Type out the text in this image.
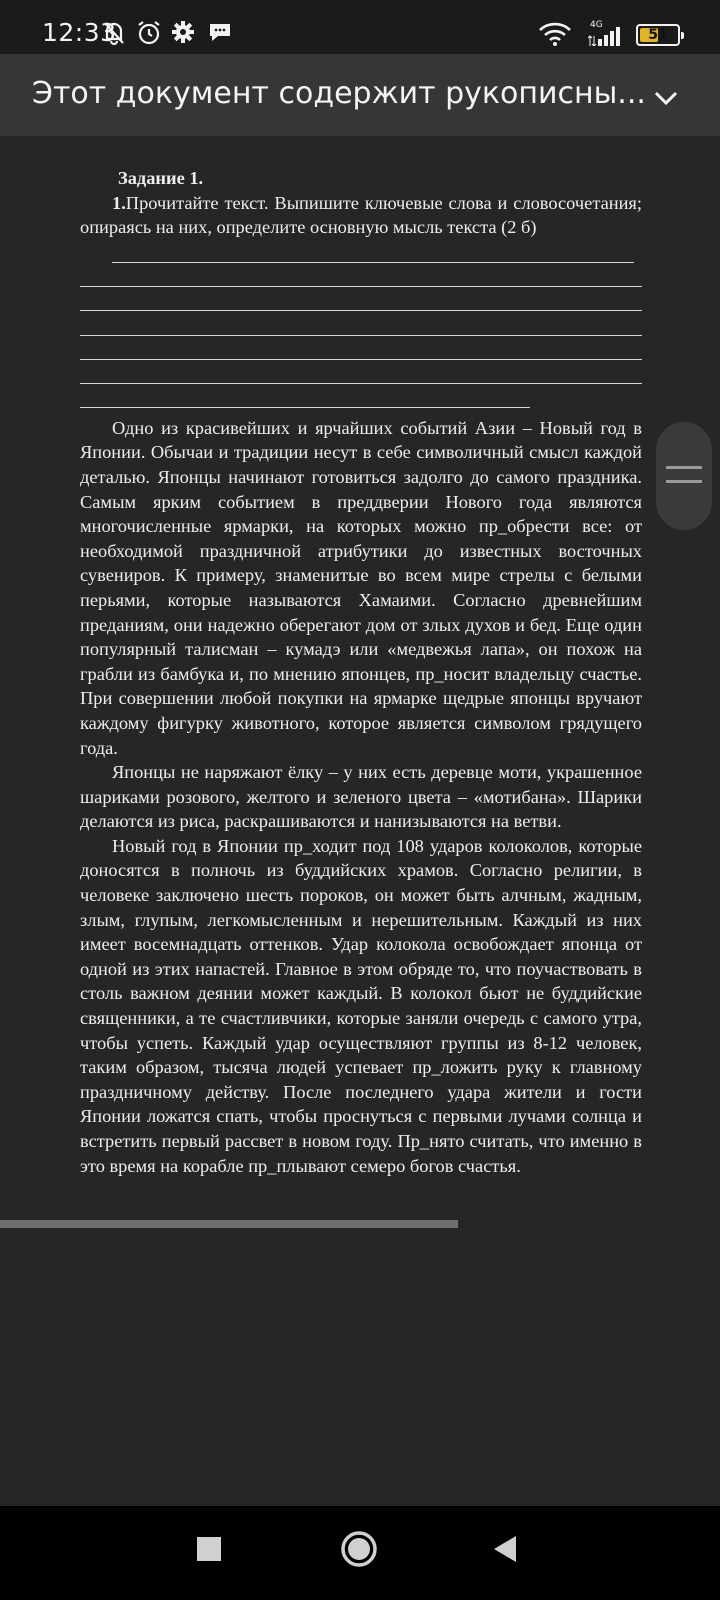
12:33	4G
51
Этот документ содержит рукописны...
Задание 1.
1.Прочитайте текст. Выпишите ключевые слова и словосочетания; опираясь на них, определите основную мысль текста (2 б)

Одно из красивейших и ярчайших событий Азии – Новый год в Японии. Обычаи и традиции несут в себе символичный смысл каждой деталью. Японцы начинают готовиться задолго до самого праздника. Самым ярким событием в преддверии Нового года являются многочисленные ярмарки, на которых можно пр_обрести все: от необходимой праздничной атрибутики до известных восточных сувениров. К примеру, знаменитые во всем мире стрелы с белыми перьями, которые называются Хамаими. Согласно древнейшим преданиям, они надежно оберегают дом от злых духов и бед. Еще один популярный талисман – кумадэ или «медвежья лапа», он похож на грабли из бамбука и, по мнению японцев, пр_носит владельцу счастье. При совершении любой покупки на ярмарке щедрые японцы вручают каждому фигурку животного, которое является символом грядущего года.

Японцы не наряжают ёлку – у них есть деревце моти, украшенное шариками розового, желтого и зеленого цвета – «мотибана». Шарики делаются из риса, раскрашиваются и нанизываются на ветви.

Новый год в Японии пр_ходит под 108 ударов колоколов, которые доносятся в полночь из буддийских храмов. Согласно религии, в человеке заключено шесть пороков, он может быть алчным, жадным, злым, глупым, легкомысленным и нерешительным. Каждый из них имеет восемнадцать оттенков. Удар колокола освобождает японца от одной из этих напастей. Главное в этом обряде то, что поучаствовать в столь важном деянии может каждый. В колокол бьют не буддийские священники, а те счастливчики, которые заняли очередь с самого утра, чтобы успеть. Каждый удар осуществляют группы из 8-12 человек, таким образом, тысяча людей успевает пр_ложить руку к главному праздничному действу. После последнего удара жители и гости Японии ложатся спать, чтобы проснуться с первыми лучами солнца и встретить первый рассвет в новом году. Пр_нято считать, что именно в это время на корабле пр_плывают семеро богов счастья.
